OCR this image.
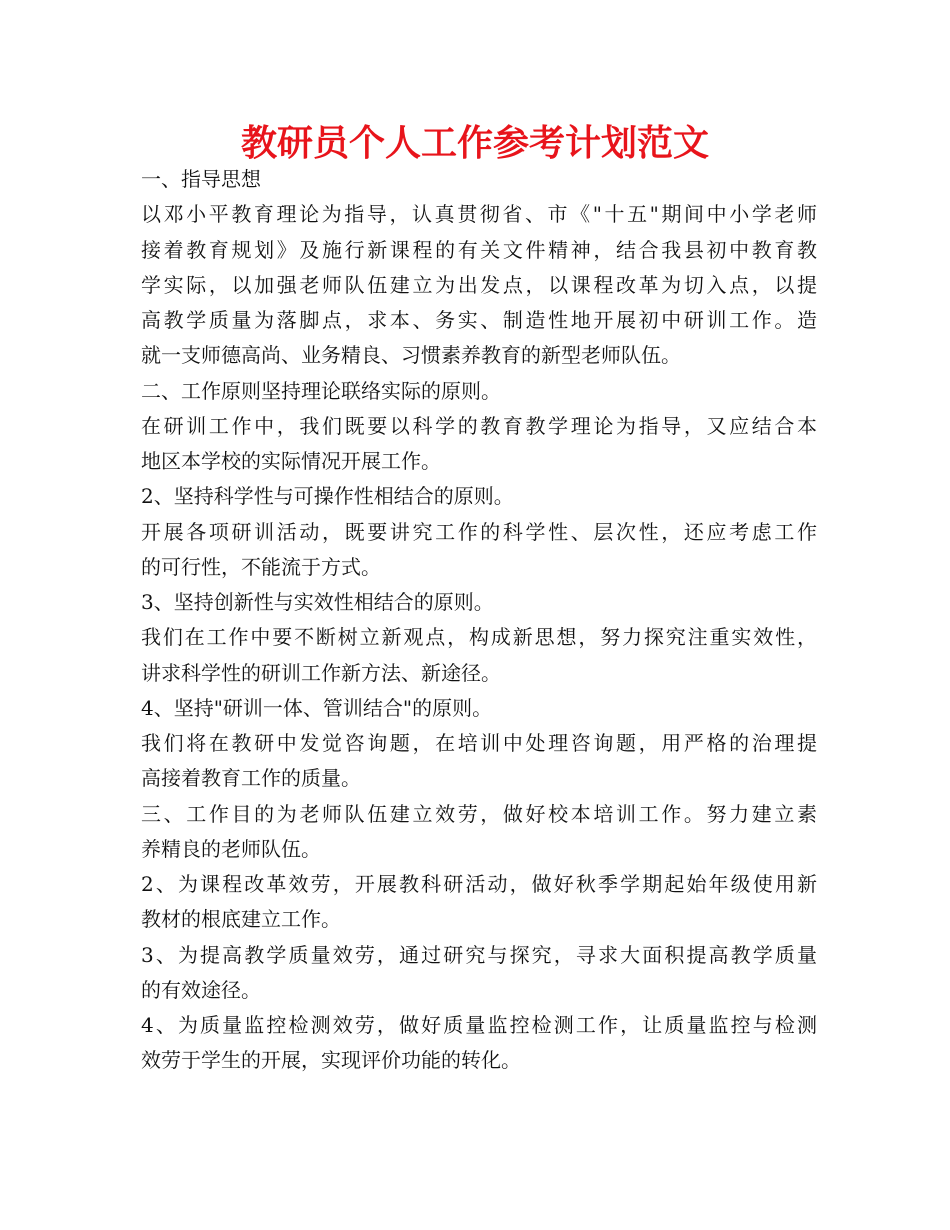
教研员个人工作参考计划范文
一、指导思想
以邓小平教育理论为指导，认真贯彻省、市《"十五"期间中小学老师
接着教育规划》及施行新课程的有关文件精神，结合我县初中教育教
学实际，以加强老师队伍建立为出发点，以课程改革为切入点，以提
高教学质量为落脚点，求本、务实、制造性地开展初中研训工作。造
就一支师德高尚、业务精良、习惯素养教育的新型老师队伍。
二、工作原则坚持理论联络实际的原则。
在研训工作中，我们既要以科学的教育教学理论为指导，又应结合本
地区本学校的实际情况开展工作。
2、坚持科学性与可操作性相结合的原则。
开展各项研训活动，既要讲究工作的科学性、层次性，还应考虑工作
的可行性，不能流于方式。
3、坚持创新性与实效性相结合的原则。
我们在工作中要不断树立新观点，构成新思想，努力探究注重实效性，
讲求科学性的研训工作新方法、新途径。
4、坚持"研训一体、管训结合"的原则。
我们将在教研中发觉咨询题，在培训中处理咨询题，用严格的治理提
高接着教育工作的质量。
三、工作目的为老师队伍建立效劳，做好校本培训工作。努力建立素
养精良的老师队伍。
2、为课程改革效劳，开展教科研活动，做好秋季学期起始年级使用新
教材的根底建立工作。
3、为提高教学质量效劳，通过研究与探究，寻求大面积提高教学质量
的有效途径。
4、为质量监控检测效劳，做好质量监控检测工作，让质量监控与检测
效劳于学生的开展，实现评价功能的转化。
